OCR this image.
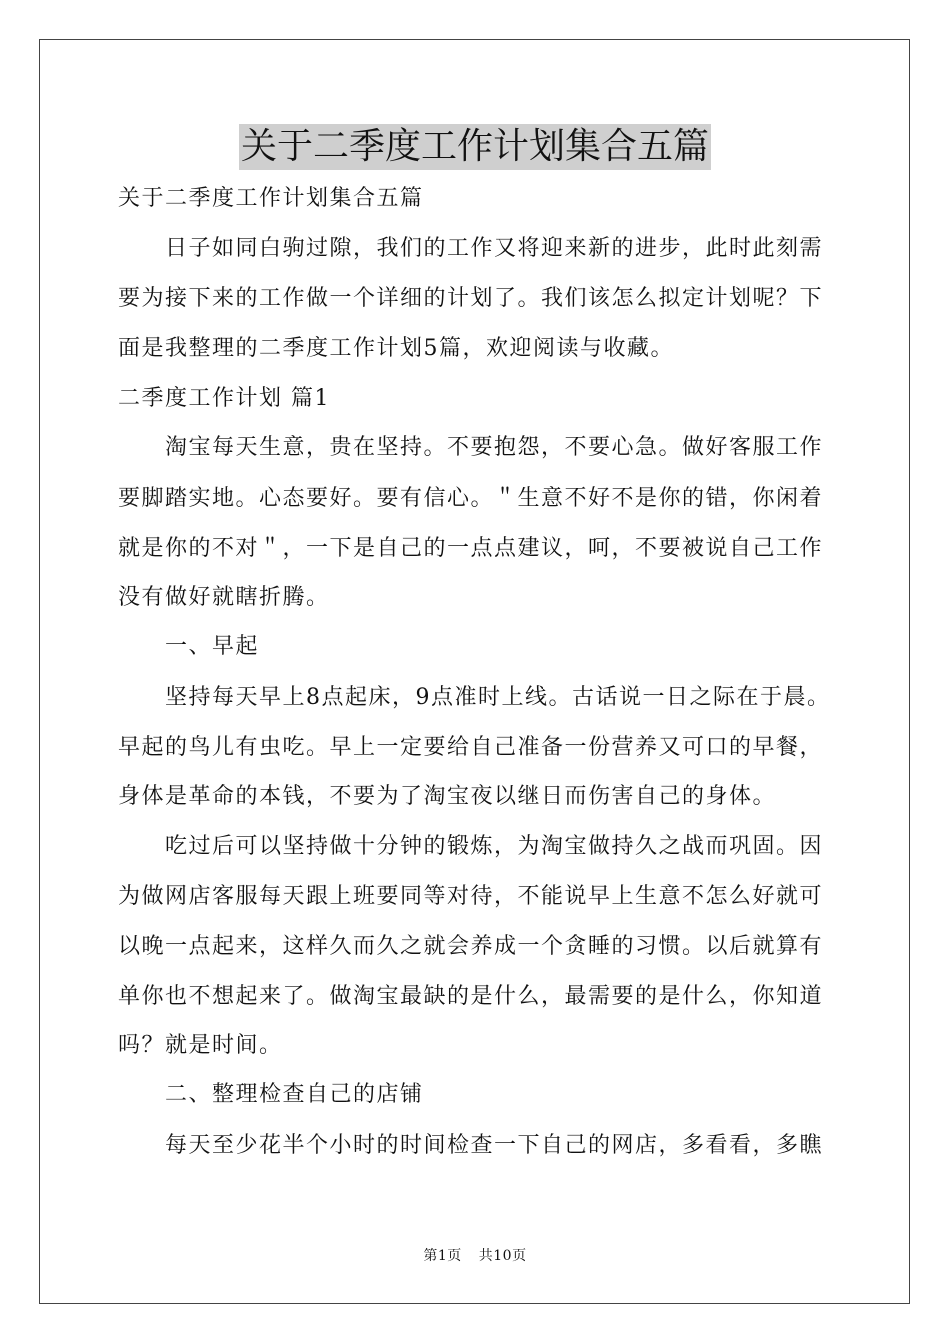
关于二季度工作计划集合五篇
关于二季度工作计划集合五篇
日子如同白驹过隙，我们的工作又将迎来新的进步，此时此刻需
要为接下来的工作做一个详细的计划了。我们该怎么拟定计划呢？下
面是我整理的二季度工作计划5篇，欢迎阅读与收藏。
二季度工作计划 篇1
淘宝每天生意，贵在坚持。不要抱怨，不要心急。做好客服工作
要脚踏实地。心态要好。要有信心。＂生意不好不是你的错，你闲着
就是你的不对＂，一下是自己的一点点建议，呵，不要被说自己工作
没有做好就瞎折腾。
一、早起
坚持每天早上8点起床，9点准时上线。古话说一日之际在于晨。
早起的鸟儿有虫吃。早上一定要给自己准备一份营养又可口的早餐，
身体是革命的本钱，不要为了淘宝夜以继日而伤害自己的身体。
吃过后可以坚持做十分钟的锻炼，为淘宝做持久之战而巩固。因
为做网店客服每天跟上班要同等对待，不能说早上生意不怎么好就可
以晚一点起来，这样久而久之就会养成一个贪睡的习惯。以后就算有
单你也不想起来了。做淘宝最缺的是什么，最需要的是什么，你知道
吗？就是时间。
二、整理检查自己的店铺
每天至少花半个小时的时间检查一下自己的网店，多看看，多瞧
第1页 共10页
